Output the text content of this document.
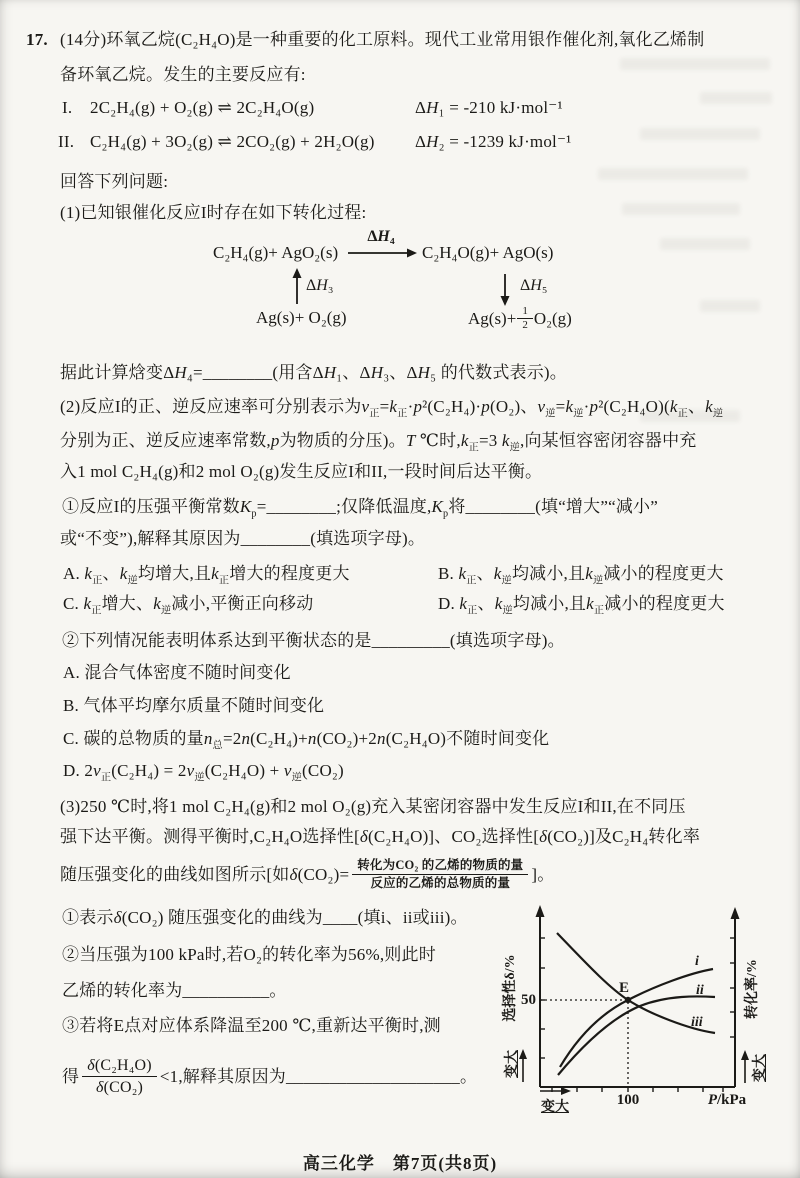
17. (14分)环氧乙烷(C₂H₄O)是一种重要的化工原料。现代工业常用银作催化剂,氧化乙烯制
备环氧乙烷。发生的主要反应有:
I. 2C₂H₄(g) + O₂(g) ⇌ 2C₂H₄O(g)	ΔH₁ = -210 kJ·mol⁻¹
II. C₂H₄(g) + 3O₂(g) ⇌ 2CO₂(g) + 2H₂O(g) ΔH₂ = -1239 kJ·mol⁻¹
回答下列问题:
(1)已知银催化反应I时存在如下转化过程:
C₂H₄(g)+ AgO₂(s)
ΔH₄
C₂H₄O(g)+ AgO(s)
ΔH₃
Ag(s)+ O₂(g)
ΔH₅
$Ag(s)+ \frac{1}{2} O_2(g)$
据此计算焓变ΔH₄=________(用含ΔH₁、ΔH₃、ΔH₅ 的代数式表示)。
(2)反应I的正、逆反应速率可分别表示为$v_正=k_正\cdot p^2(C_2H_4)\cdot p(O_2)$、$v_逆=k_逆\cdot p^2(C_2H_4O)(k_正$、$k_逆$
分别为正、逆反应速率常数,p为物质的分压)。T ℃时$,k_正=3$ $k_逆$,向某恒容密闭容器中充
入1 mol C₂H₄(g)和2 mol O₂(g)发生反应I和II,一段时间后达平衡。
①反应I的压强平衡常数$K_p=\_\_\_\_\_\_\_\_$;仅降低温度$,K_p$将________(填“增大”“减小”
或“不变”),解释其原因为________(填选项字母)。
A. $k_正$、$k_逆$均增大,且$k_正$增大的程度更大	B. $k_正$、$k_逆$均减小,且$k_逆$减小的程度更大
C. $k_正$增大、$k_逆$减小,平衡正向移动	D. $k_正$、$k_逆$均减小,且$k_正$减小的程度更大
②下列情况能表明体系达到平衡状态的是_________(填选项字母)。
A. 混合气体密度不随时间变化
B. 气体平均摩尔质量不随时间变化
C. 碳的总物质的量$n_总=2n(C_2H_4)+n(CO_2)+2n(C_2H_4O)$不随时间变化
D. $2v_正(C_2H_4) = 2v_逆(C_2H_4O) + v_逆(CO_2)$
(3)250 ℃时,将1 mol C₂H₄(g)和2 mol O₂(g)充入某密闭容器中发生反应I和II,在不同压
强下达平衡。测得平衡时,C₂H₄O选择性[δ(C₂H₄O)]、CO₂选择性[δ(CO₂)]及C₂H₄转化率
随压强变化的曲线如图所示[如$\delta(CO_2)= \frac{\text{转化为CO₂ 的乙烯的物质的量}}{\text{反应的乙烯的总物质的量}}$ ]。
①表示δ(CO₂) 随压强变化的曲线为____(填i、ii或iii)。
②当压强为100 kPa时,若O₂的转化率为56%,则此时
乙烯的转化率为__________。
③若将E点对应体系降温至200 ℃,重新达平衡时,测
得 $\frac{\text{δ(C₂H₄O)}}{\text{δ(CO₂)}} <1$,解释其原因为____________________。
选择性δ/%	转化率/%
50
100	P/kPa
i
ii
iii
E
变大	变大
变大
高三化学　第7页(共8页)
